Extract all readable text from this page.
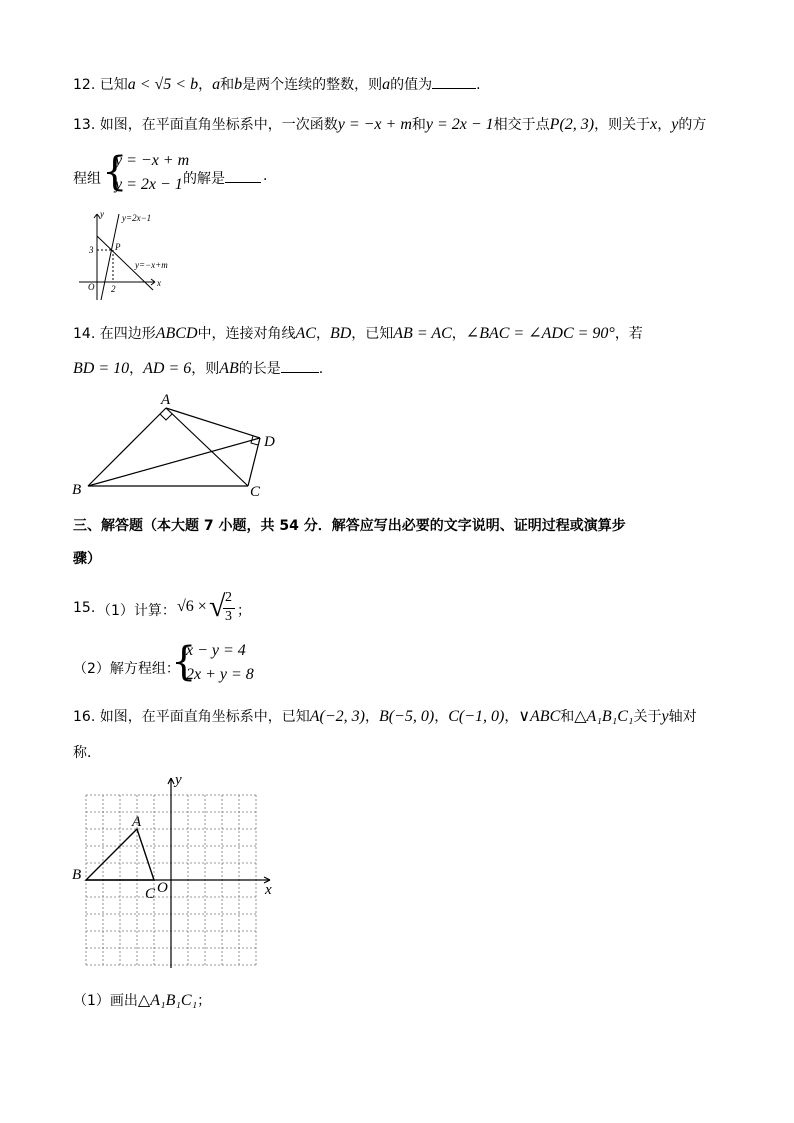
12. 已知a < √5 < b，a和b是两个连续的整数，则a的值为	.
13. 如图，在平面直角坐标系中，一次函数y = −x + m和y = 2x − 1相交于点P(2, 3)，则关于x，y的方
程组 {
y = −x + m
y = 2x − 1 的解是	.
y
x
O
3
2
P
y=2x−1
y=−x+m
14. 在四边形ABCD中，连接对角线AC，BD，已知AB = AC，∠BAC = ∠ADC = 90°，若
BD = 10，AD = 6，则AB的长是	.
A
B	C
D
三、解答题（本大题 7 小题，共 54 分．解答应写出必要的文字说明、证明过程或演算步
骤）
15. （1）计算： √6 × √ 2
3 ；
（2）解方程组：
{
x − y = 4
2x + y = 8
16. 如图，在平面直角坐标系中，已知A(−2, 3)，B(−5, 0)，C(−1, 0)，∨ABC和△A₁B₁C₁关于y轴对
称．
A
B
C O	x
y
（1）画出△A₁B₁C₁；
